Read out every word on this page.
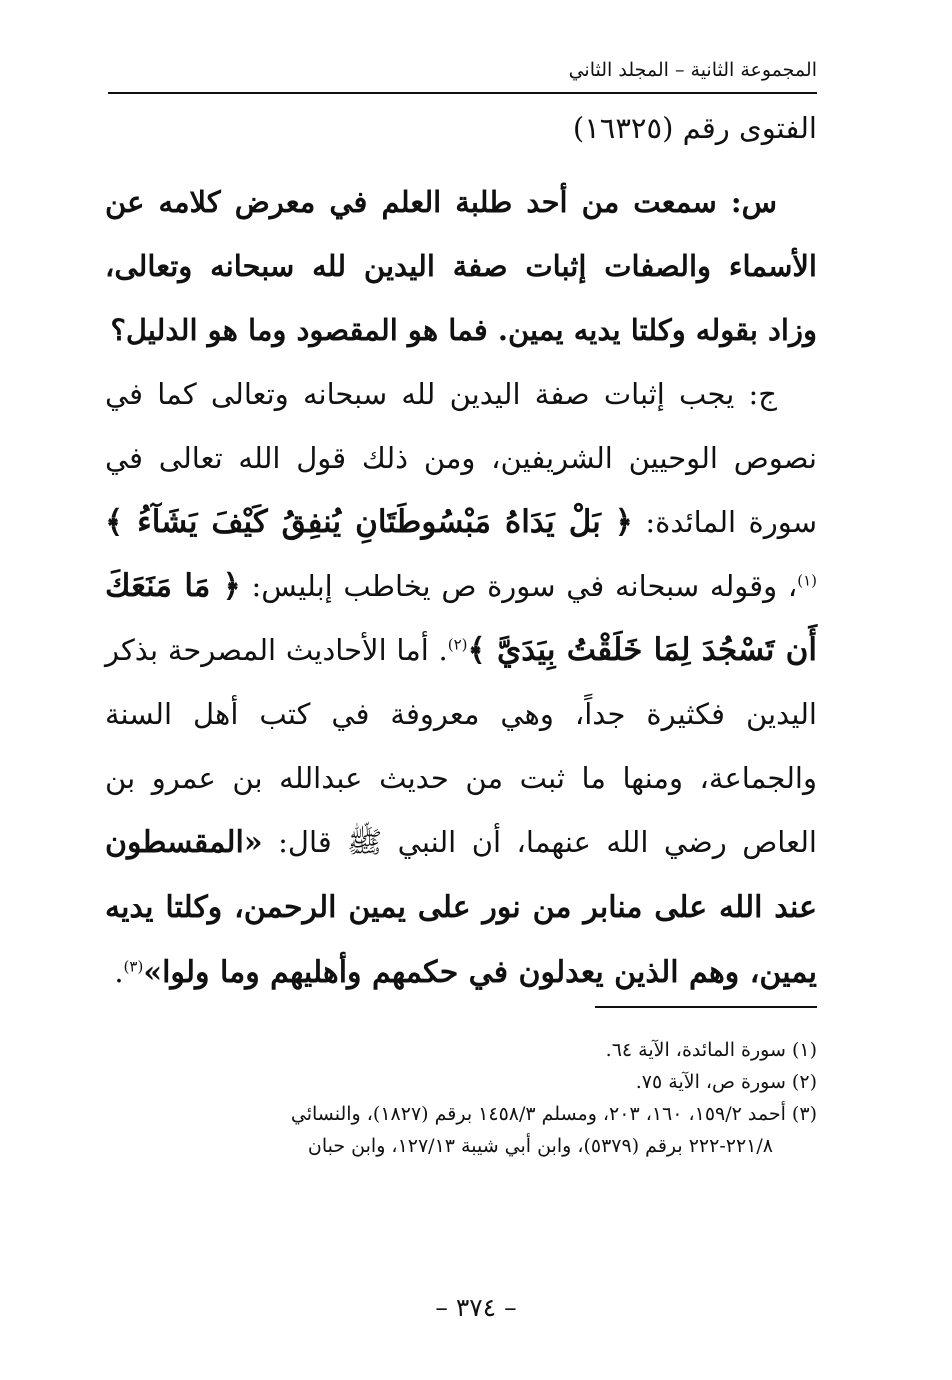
المجموعة الثانية – المجلد الثاني
الفتوى رقم (١٦٣٢٥)

س: سمعت من أحد طلبة العلم في معرض كلامه عن الأسماء والصفات إثبات صفة اليدين لله سبحانه وتعالى، وزاد بقوله وكلتا يديه يمين. فما هو المقصود وما هو الدليل؟

ج: يجب إثبات صفة اليدين لله سبحانه وتعالى كما في نصوص الوحيين الشريفين، ومن ذلك قول الله تعالى في سورة المائدة: ﴿ بَلْ يَدَاهُ مَبْسُوطَتَانِ يُنفِقُ كَيْفَ يَشَآءُ ﴾$^{(١)}$، وقوله سبحانه في سورة ص يخاطب إبليس: ﴿ مَا مَنَعَكَ أَن تَسْجُدَ لِمَا خَلَقْتُ بِيَدَيَّ ﴾$^{(٢)}$. أما الأحاديث المصرحة بذكر اليدين فكثيرة جداً، وهي معروفة في كتب أهل السنة والجماعة، ومنها ما ثبت من حديث عبدالله بن عمرو بن العاص رضي الله عنهما، أن النبي ﷺ قال: «المقسطون عند الله على منابر من نور على يمين الرحمن، وكلتا يديه يمين، وهم الذين يعدلون في حكمهم وأهليهم وما ولوا»$^{(٣)}$.

(١) سورة المائدة، الآية ٦٤.

(٢) سورة ص، الآية ٧٥.

(٣) أحمد ١٥٩/٢، ١٦٠، ٢٠٣، ومسلم ١٤٥٨/٣ برقم (١٨٢٧)، والنسائي

٢٢١/٨-٢٢٢ برقم (٥٣٧٩)، وابن أبي شيبة ١٢٧/١٣، وابن حبان

– ٣٧٤ –
